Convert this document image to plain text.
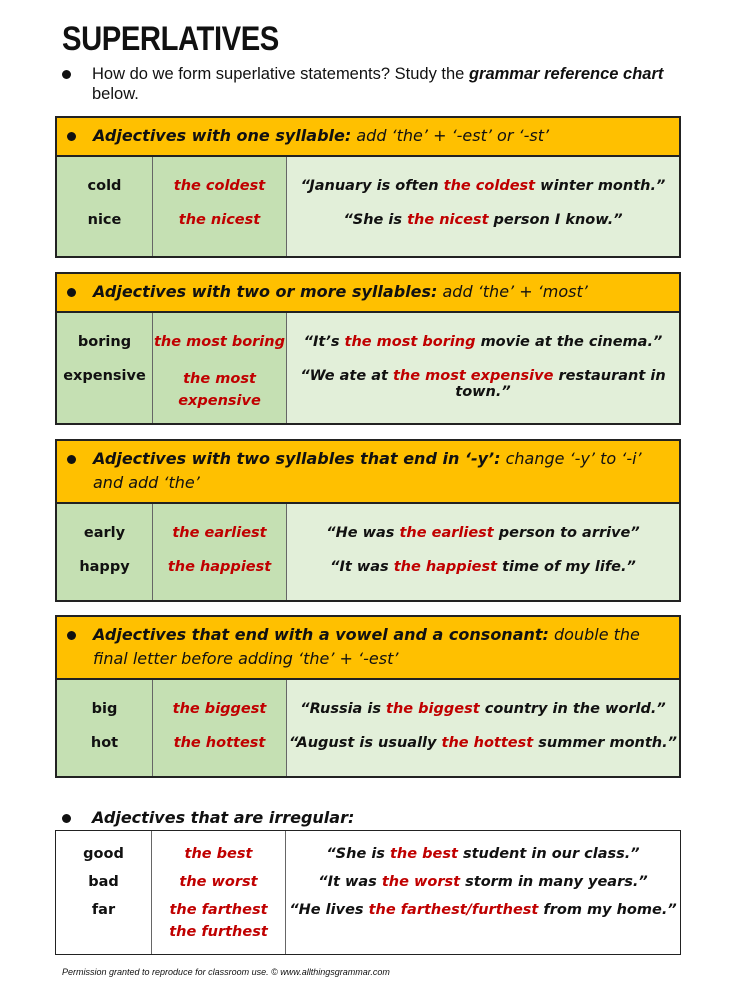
SUPERLATIVES
How do we form superlative statements? Study the grammar reference chart below.
Adjectives with one syllable: add ‘the’ + ‘-est’ or ‘-st’
cold
nice
the coldest
the nicest
“January is often the coldest winter month.”
“She is the nicest person I know.”
Adjectives with two or more syllables: add ‘the’ + ‘most’
boring
expensive
the most boring
the most expensive
“It’s the most boring movie at the cinema.”
“We ate at the most expensive restaurant in town.”
Adjectives with two syllables that end in ‘-y’: change ‘-y’ to ‘-i’ and add ‘the’
early
happy
the earliest
the happiest
“He was the earliest person to arrive”
“It was the happiest time of my life.”
Adjectives that end with a vowel and a consonant: double the final letter before adding ‘the’ + ‘-est’
big
hot
the biggest
the hottest
“Russia is the biggest country in the world.”
“August is usually the hottest summer month.”
Adjectives that are irregular:
good
bad
far
the best
the worst
the farthest
the furthest
“She is the best student in our class.”
“It was the worst storm in many years.”
“He lives the farthest/furthest from my home.”
Permission granted to reproduce for classroom use. © www.allthingsgrammar.com
